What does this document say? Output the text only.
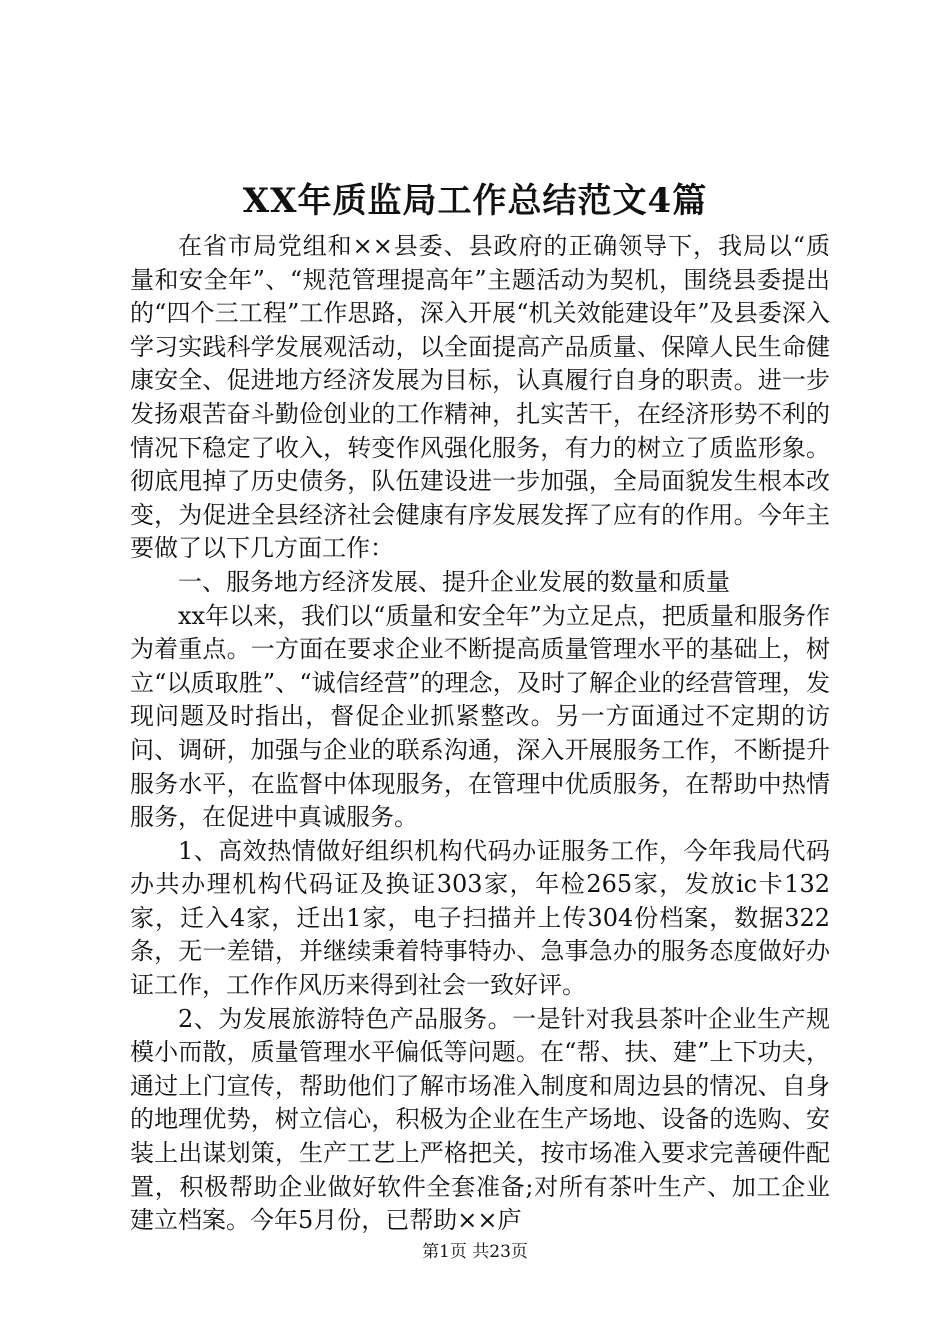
XX年质监局工作总结范文4篇

在省市局党组和××县委、县政府的正确领导下，我局以“质量和安全年”、“规范管理提高年”主题活动为契机，围绕县委提出的“四个三工程”工作思路，深入开展“机关效能建设年”及县委深入学习实践科学发展观活动，以全面提高产品质量、保障人民生命健康安全、促进地方经济发展为目标，认真履行自身的职责。进一步发扬艰苦奋斗勤俭创业的工作精神，扎实苦干，在经济形势不利的情况下稳定了收入，转变作风强化服务，有力的树立了质监形象。彻底甩掉了历史债务，队伍建设进一步加强，全局面貌发生根本改变，为促进全县经济社会健康有序发展发挥了应有的作用。今年主要做了以下几方面工作：

一、服务地方经济发展、提升企业发展的数量和质量

xx年以来，我们以“质量和安全年”为立足点，把质量和服务作为着重点。一方面在要求企业不断提高质量管理水平的基础上，树立“以质取胜”、“诚信经营”的理念，及时了解企业的经营管理，发现问题及时指出，督促企业抓紧整改。另一方面通过不定期的访问、调研，加强与企业的联系沟通，深入开展服务工作，不断提升服务水平，在监督中体现服务，在管理中优质服务，在帮助中热情服务，在促进中真诚服务。

1、高效热情做好组织机构代码办证服务工作，今年我局代码办共办理机构代码证及换证303家，年检265家，发放ic卡132家，迁入4家，迁出1家，电子扫描并上传304份档案，数据322条，无一差错，并继续秉着特事特办、急事急办的服务态度做好办证工作，工作作风历来得到社会一致好评。

2、为发展旅游特色产品服务。一是针对我县茶叶企业生产规模小而散，质量管理水平偏低等问题。在“帮、扶、建”上下功夫，通过上门宣传，帮助他们了解市场准入制度和周边县的情况、自身的地理优势，树立信心，积极为企业在生产场地、设备的选购、安装上出谋划策，生产工艺上严格把关，按市场准入要求完善硬件配置，积极帮助企业做好软件全套准备;对所有茶叶生产、加工企业建立档案。今年5月份，已帮助××庐

第1页 共23页
